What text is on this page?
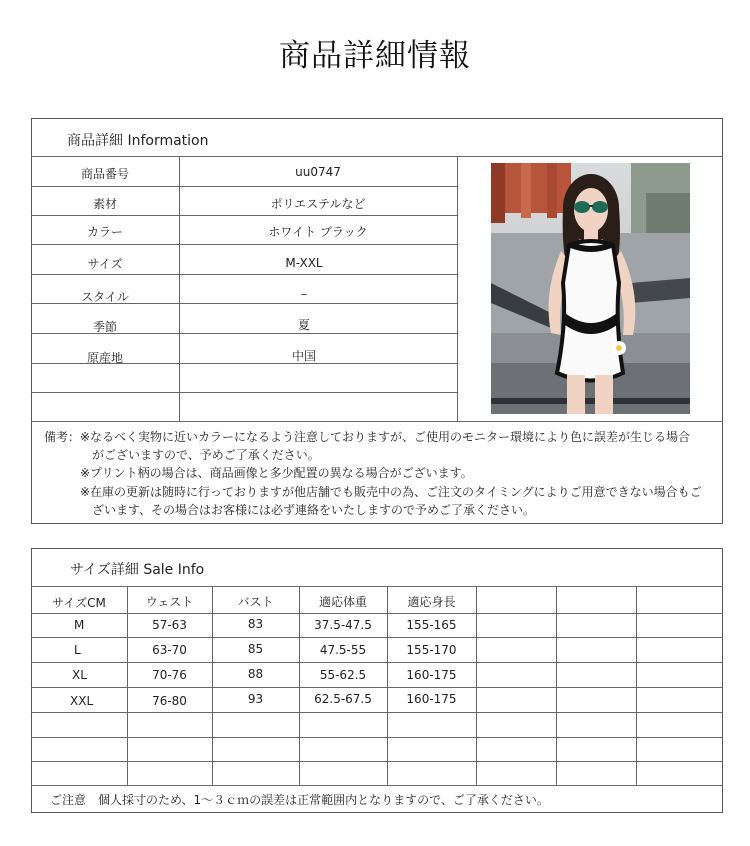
商品詳細情報
商品詳細 Information
商品番号	uu0747
素材	ポリエステルなど
カラー	ホワイト ブラック
サイズ	M-XXL
スタイル	–
季節	夏
原産地	中国
備考：※なるべく実物に近いカラーになるよう注意しておりますが、ご使用のモニター環境により色に誤差が生じる場合
がございますので、予めご了承ください。
※プリント柄の場合は、商品画像と多少配置の異なる場合がございます。
※在庫の更新は随時に行っておりますが他店舗でも販売中の為、ご注文のタイミングによりご用意できない場合もご
ざいます、その場合はお客様には必ず連絡をいたしますので予めご了承ください。
サイズ詳細 Sale Info
サイズCM	ウェスト	バスト	適応体重	適応身長
M	57-63	83	37.5-47.5	155-165
L	63-70	85	47.5-55	155-170
XL	70-76	88	55-62.5	160-175
XXL	76-80	93	62.5-67.5	160-175
ご注意　個人採寸のため、1～３ｃｍの誤差は正常範囲内となりますので、ご了承ください。
